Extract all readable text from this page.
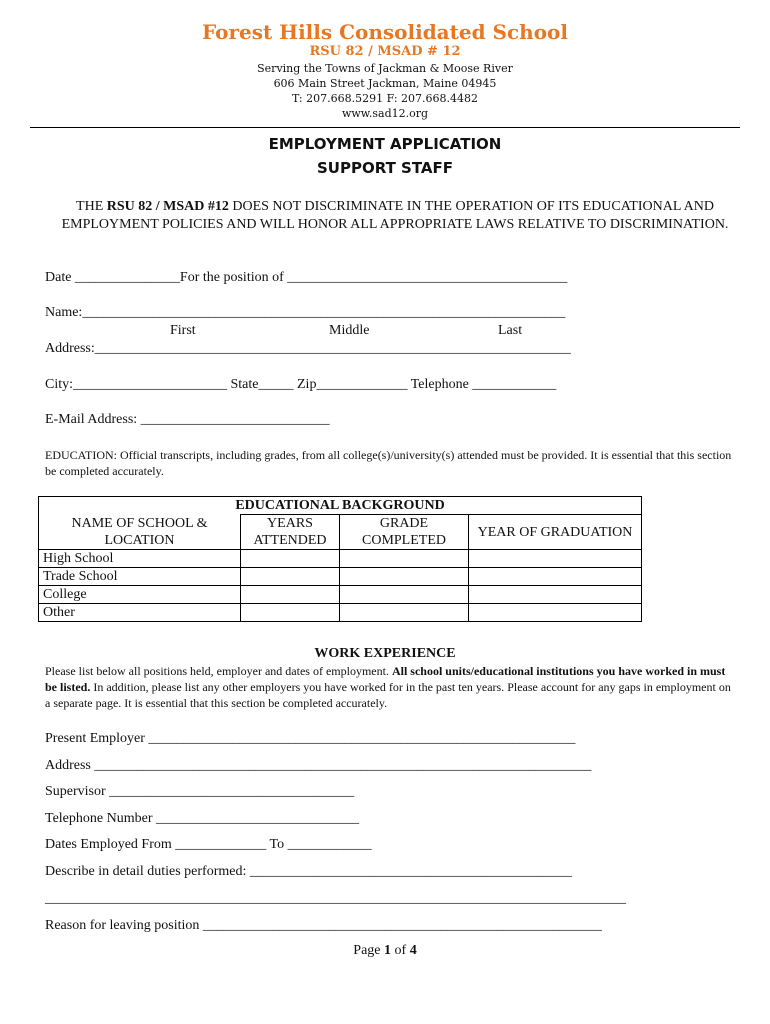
Forest Hills Consolidated School
RSU 82 / MSAD # 12
Serving the Towns of Jackman & Moose River
606 Main Street Jackman, Maine 04945
T: 207.668.5291 F: 207.668.4482
www.sad12.org
EMPLOYMENT APPLICATION
SUPPORT STAFF
THE RSU 82 / MSAD #12 DOES NOT DISCRIMINATE IN THE OPERATION OF ITS EDUCATIONAL AND EMPLOYMENT POLICIES AND WILL HONOR ALL APPROPRIATE LAWS RELATIVE TO DISCRIMINATION.
Date _______________For the position of ________________________________________
Name:_____________________________________________________________________
First	Middle	Last
Address:____________________________________________________________________
City:______________________ State_____ Zip_____________ Telephone ____________
E-Mail Address: ___________________________
EDUCATION: Official transcripts, including grades, from all college(s)/university(s) attended must be provided. It is essential that this section be completed accurately.
EDUCATIONAL BACKGROUND			
NAME OF SCHOOL & LOCATION	YEARS ATTENDED	GRADE COMPLETED	YEAR OF GRADUATION
High School			
Trade School			
College			
Other			
WORK EXPERIENCE
Please list below all positions held, employer and dates of employment. All school units/educational institutions you have worked in must be listed. In addition, please list any other employers you have worked for in the past ten years. Please account for any gaps in employment on a separate page. It is essential that this section be completed accurately.
Present Employer _____________________________________________________________
Address _______________________________________________________________________
Supervisor ___________________________________
Telephone Number _____________________________
Dates Employed From _____________ To ____________
Describe in detail duties performed: ______________________________________________
___________________________________________________________________________________
Reason for leaving position _________________________________________________________
Page 1 of 4
